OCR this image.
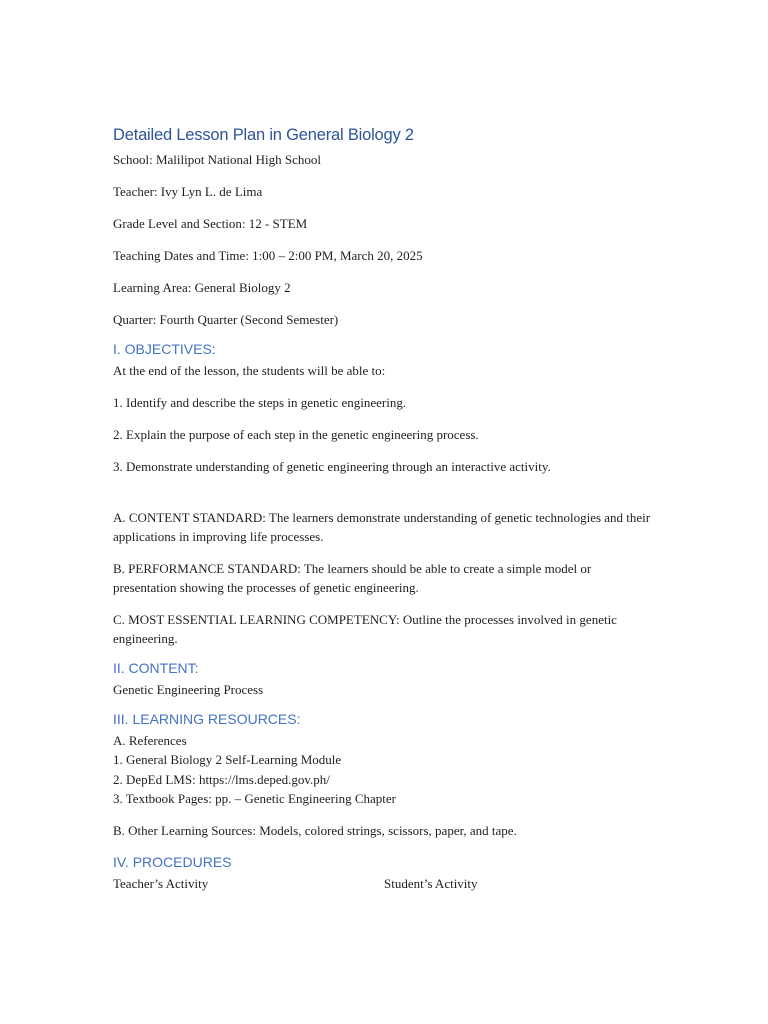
Detailed Lesson Plan in General Biology 2
School: Malilipot National High School
Teacher: Ivy Lyn L. de Lima
Grade Level and Section: 12 - STEM
Teaching Dates and Time: 1:00 – 2:00 PM, March 20, 2025
Learning Area: General Biology 2
Quarter: Fourth Quarter (Second Semester)
I. OBJECTIVES:
At the end of the lesson, the students will be able to:
1. Identify and describe the steps in genetic engineering.
2. Explain the purpose of each step in the genetic engineering process.
3. Demonstrate understanding of genetic engineering through an interactive activity.
A. CONTENT STANDARD: The learners demonstrate understanding of genetic technologies and their applications in improving life processes.
B. PERFORMANCE STANDARD: The learners should be able to create a simple model or presentation showing the processes of genetic engineering.
C. MOST ESSENTIAL LEARNING COMPETENCY: Outline the processes involved in genetic engineering.
II. CONTENT:
Genetic Engineering Process
III. LEARNING RESOURCES:
A. References
1. General Biology 2 Self-Learning Module
2. DepEd LMS: https://lms.deped.gov.ph/
3. Textbook Pages: pp. – Genetic Engineering Chapter
B. Other Learning Sources: Models, colored strings, scissors, paper, and tape.
IV. PROCEDURES
Teacher’s Activity	Student’s Activity
